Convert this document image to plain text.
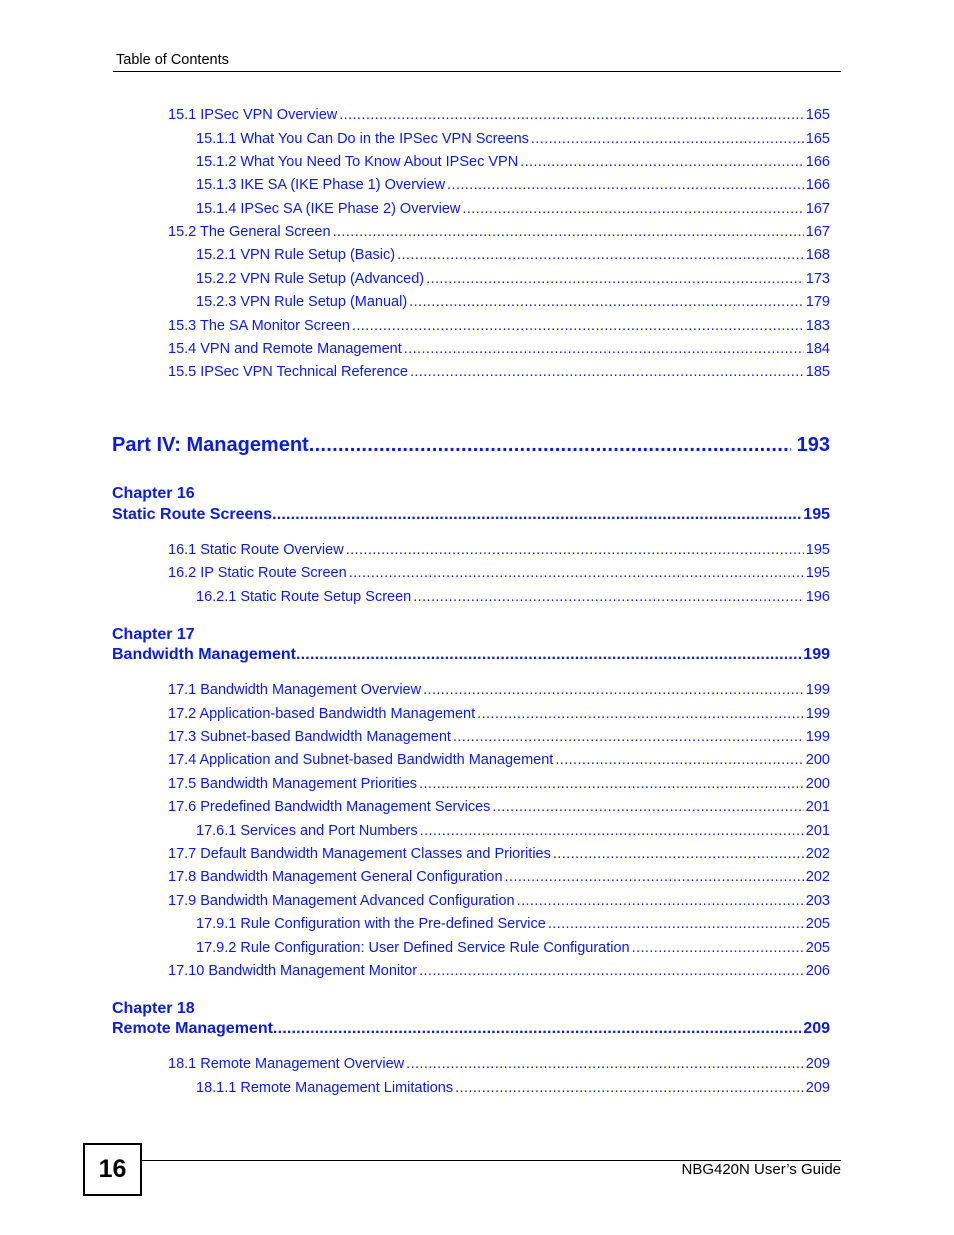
Table of Contents
15.1 IPSec VPN Overview .....	165
15.1.1 What You Can Do in the IPSec VPN Screens .....	165
15.1.2 What You Need To Know About IPSec VPN .....	166
15.1.3 IKE SA (IKE Phase 1) Overview .....	166
15.1.4 IPSec SA (IKE Phase 2) Overview .....	167
15.2 The General Screen .....	167
15.2.1 VPN Rule Setup (Basic) .....	168
15.2.2 VPN Rule Setup (Advanced) .....	173
15.2.3 VPN Rule Setup (Manual) .....	179
15.3 The SA Monitor Screen .....	183
15.4 VPN and Remote Management .....	184
15.5 IPSec VPN Technical Reference .....	185
Part IV: Management .....	193
Chapter 16
Static Route Screens .....	195
16.1 Static Route Overview .....	195
16.2 IP Static Route Screen .....	195
16.2.1 Static Route Setup Screen .....	196
Chapter 17
Bandwidth Management .....	199
17.1 Bandwidth Management Overview .....	199
17.2 Application-based Bandwidth Management .....	199
17.3 Subnet-based Bandwidth Management .....	199
17.4 Application and Subnet-based Bandwidth Management .....	200
17.5 Bandwidth Management Priorities .....	200
17.6 Predefined Bandwidth Management Services .....	201
17.6.1 Services and Port Numbers .....	201
17.7 Default Bandwidth Management Classes and Priorities .....	202
17.8 Bandwidth Management General Configuration .....	202
17.9 Bandwidth Management Advanced Configuration .....	203
17.9.1 Rule Configuration with the Pre-defined Service .....	205
17.9.2 Rule Configuration: User Defined Service Rule Configuration .....	205
17.10 Bandwidth Management Monitor .....	206
Chapter 18
Remote Management .....	209
18.1 Remote Management Overview .....	209
18.1.1 Remote Management Limitations .....	209
16	NBG420N User’s Guide
